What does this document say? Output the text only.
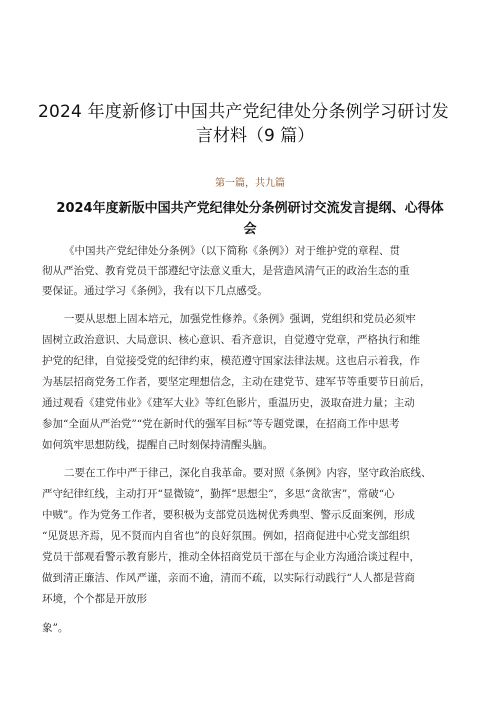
2024 年度新修订中国共产党纪律处分条例学习研讨发
言材料（9 篇）
第一篇，共九篇
2024年度新版中国共产党纪律处分条例研讨交流发言提纲、心得体
会
《中国共产党纪律处分条例》（以下简称《条例》）对于维护党的章程、贯
彻从严治党、教育党员干部遵纪守法意义重大，是营造风清气正的政治生态的重
要保证。通过学习《条例》，我有以下几点感受。
一要从思想上固本培元，加强党性修养。《条例》强调，党组织和党员必须牢
固树立政治意识、大局意识、核心意识、看齐意识，自觉遵守党章，严格执行和维
护党的纪律，自觉接受党的纪律约束，模范遵守国家法律法规。这也启示着我，作
为基层招商党务工作者，要坚定理想信念，主动在建党节、建军节等重要节日前后，
通过观看《建党伟业》《建军大业》等红色影片，重温历史，汲取奋进力量；主动
参加“全面从严治党”“党在新时代的强军目标”等专题党课，在招商工作中思考
如何筑牢思想防线，提醒自己时刻保持清醒头脑。
二要在工作中严于律己，深化自我革命。要对照《条例》内容，坚守政治底线、
严守纪律红线，主动打开“显微镜”，勤挥“思想尘”，多思“贪欲害”，常破“心
中贼”。作为党务工作者，要积极为支部党员选树优秀典型、警示反面案例，形成
“见贤思齐焉，见不贤而内自省也”的良好氛围。例如，招商促进中心党支部组织
党员干部观看警示教育影片，推动全体招商党员干部在与企业方沟通洽谈过程中，
做到清正廉洁、作风严谨，亲而不逾，清而不疏，以实际行动践行“人人都是营商
环境，个个都是开放形
象”。
